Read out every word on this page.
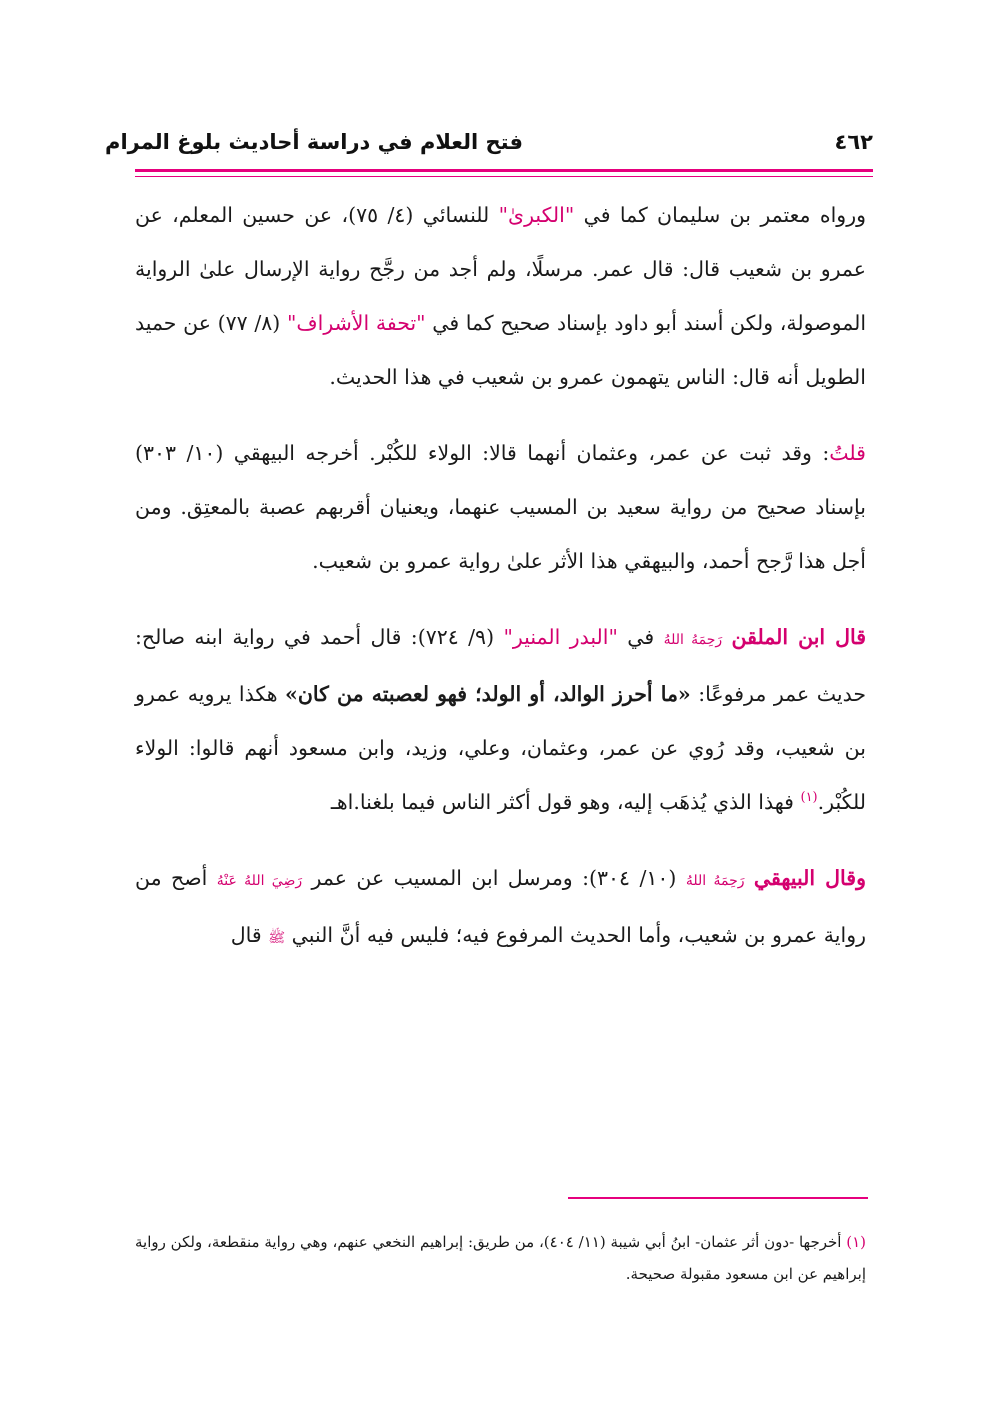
٤٦٢
فتح العلام في دراسة أحاديث بلوغ المرام

ورواه معتمر بن سليمان كما في "الكبرىٰ" للنسائي (٤/ ٧٥)، عن حسين المعلم، عن عمرو بن شعيب قال: قال عمر. مرسلًا، ولم أجد من رجَّح رواية الإرسال علىٰ الرواية الموصولة، ولكن أسند أبو داود بإسناد صحيح كما في "تحفة الأشراف" (٨/ ٧٧) عن حميد الطويل أنه قال: الناس يتهمون عمرو بن شعيب في هذا الحديث.

قلتُ: وقد ثبت عن عمر، وعثمان أنهما قالا: الولاء للكُبْر. أخرجه البيهقي (١٠/ ٣٠٣) بإسناد صحيح من رواية سعيد بن المسيب عنهما، ويعنيان أقربهم عصبة بالمعتِق. ومن أجل هذا رَّجح أحمد، والبيهقي هذا الأثر علىٰ رواية عمرو بن شعيب.

قال ابن الملقن رَحِمَهُ اللهُ في "البدر المنير" (٩/ ٧٢٤): قال أحمد في رواية ابنه صالح: حديث عمر مرفوعًا: «ما أحرز الوالد، أو الولد؛ فهو لعصبته من كان» هكذا يرويه عمرو بن شعيب، وقد رُوي عن عمر، وعثمان، وعلي، وزيد، وابن مسعود أنهم قالوا: الولاء للكُبْر.$^{(١)}$ فهذا الذي يُذهَب إليه، وهو قول أكثر الناس فيما بلغنا.اهـ

وقال البيهقي رَحِمَهُ اللهُ (١٠/ ٣٠٤): ومرسل ابن المسيب عن عمر رَضِيَ اللهُ عَنْهُ أصح من رواية عمرو بن شعيب، وأما الحديث المرفوع فيه؛ فليس فيه أنَّ النبي ﷺ قال

(١) أخرجها -دون أثر عثمان- ابنُ أبي شيبة (١١/ ٤٠٤)، من طريق: إبراهيم النخعي عنهم، وهي رواية منقطعة، ولكن رواية إبراهيم عن ابن مسعود مقبولة صحيحة.
